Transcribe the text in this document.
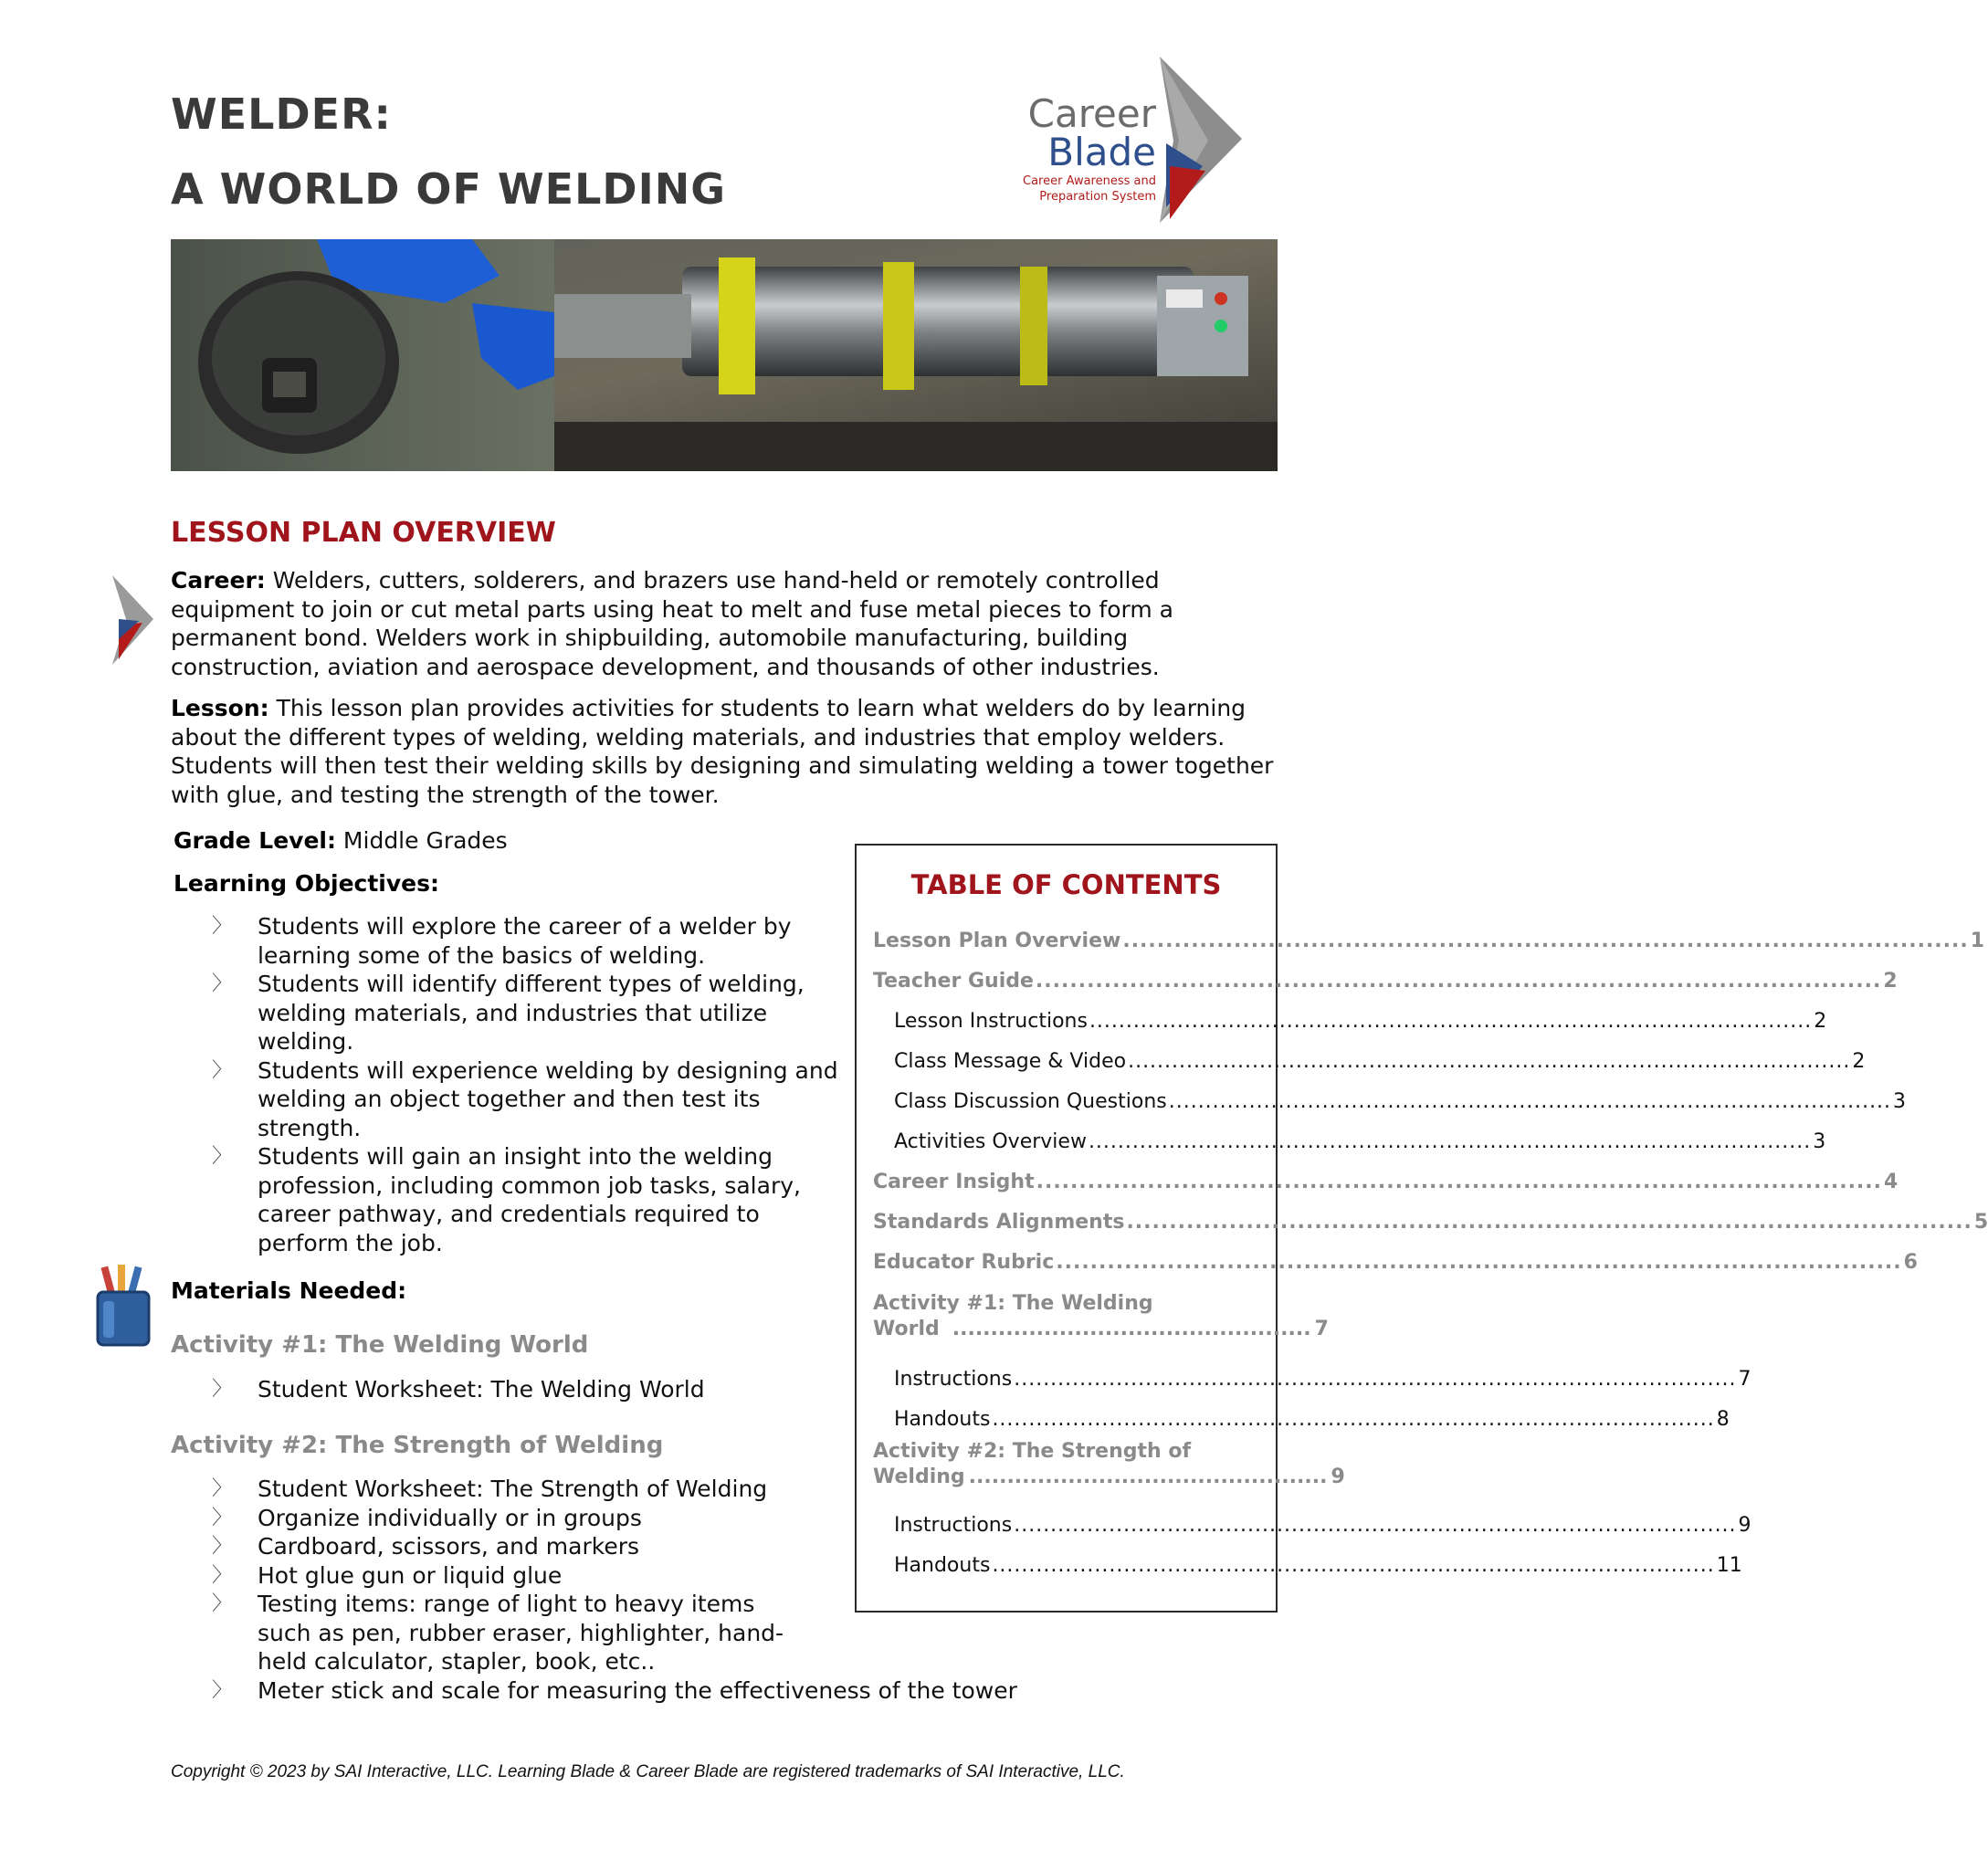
WELDER:
A WORLD OF WELDING
Career
Blade
Career Awareness and
Preparation System
LESSON PLAN OVERVIEW

Career: Welders, cutters, solderers, and brazers use hand-held or remotely controlled equipment to join or cut metal parts using heat to melt and fuse metal pieces to form a permanent bond. Welders work in shipbuilding, automobile manufacturing, building construction, aviation and aerospace development, and thousands of other industries.

Lesson: This lesson plan provides activities for students to learn what welders do by learning about the different types of welding, welding materials, and industries that employ welders. Students will then test their welding skills by designing and simulating welding a tower together with glue, and testing the strength of the tower.

Grade Level: Middle Grades

Learning Objectives:

〉 Students will explore the career of a welder by learning some of the basics of welding.
〉 Students will identify different types of welding, welding materials, and industries that utilize welding.
〉 Students will experience welding by designing and welding an object together and then test its strength.
〉 Students will gain an insight into the welding profession, including common job tasks, salary, career pathway, and credentials required to perform the job.

Materials Needed:

Activity #1: The Welding World
〉 Student Worksheet: The Welding World
Activity #2: The Strength of Welding
〉 Student Worksheet: The Strength of Welding
〉 Organize individually or in groups
〉 Cardboard, scissors, and markers
〉 Hot glue gun or liquid glue
〉 Testing items: range of light to heavy items such as pen, rubber eraser, highlighter, hand-held calculator, stapler, book, etc..
〉 Meter stick and scale for measuring the effectiveness of the tower
TABLE OF CONTENTS
Lesson Plan Overview .....	1
Teacher Guide .....	2
Lesson Instructions .....	2
Class Message & Video .....	2
Class Discussion Questions .....	3
Activities Overview .....	3
Career Insight .....	4
Standards Alignments .....	5
Educator Rubric .....	6
Activity #1: The Welding
World ............................................... 7
Instructions .....	7
Handouts .....	8
Activity #2: The Strength of
Welding ............................................... 9
Instructions .....	9
Handouts .....	11
Copyright © 2023 by SAI Interactive, LLC. Learning Blade & Career Blade are registered trademarks of SAI Interactive, LLC.
